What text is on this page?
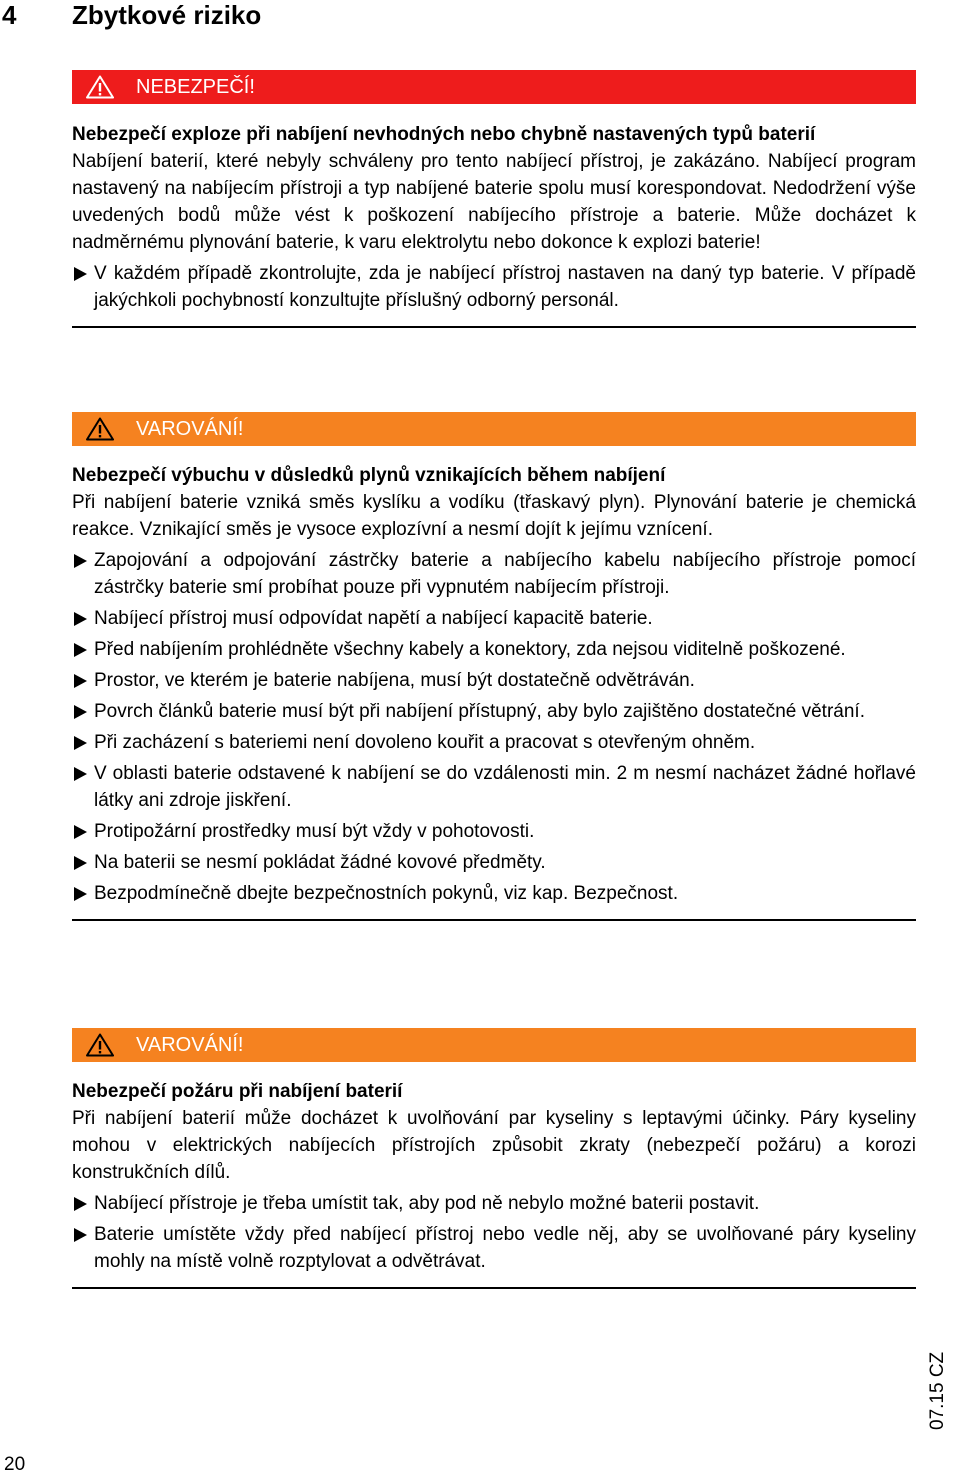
4 Zbytkové riziko
NEBEZPEČÍ!
Nebezpečí exploze při nabíjení nevhodných nebo chybně nastavených typů baterií

Nabíjení baterií, které nebyly schváleny pro tento nabíjecí přístroj, je zakázáno. Nabíjecí program nastavený na nabíjecím přístroji a typ nabíjené baterie spolu musí korespondovat. Nedodržení výše uvedených bodů může vést k poškození nabíjecího přístroje a baterie. Může docházet k nadměrnému plynování baterie, k varu elektrolytu nebo dokonce k explozi baterie!

V každém případě zkontrolujte, zda je nabíjecí přístroj nastaven na daný typ baterie. V případě jakýchkoli pochybností konzultujte příslušný odborný personál.
VAROVÁNÍ!
Nebezpečí výbuchu v důsledků plynů vznikajících během nabíjení

Při nabíjení baterie vzniká směs kyslíku a vodíku (třaskavý plyn). Plynování baterie je chemická reakce. Vznikající směs je vysoce explozívní a nesmí dojít k jejímu vznícení.

Zapojování a odpojování zástrčky baterie a nabíjecího kabelu nabíjecího přístroje pomocí zástrčky baterie smí probíhat pouze při vypnutém nabíjecím přístroji.
Nabíjecí přístroj musí odpovídat napětí a nabíjecí kapacitě baterie.
Před nabíjením prohlédněte všechny kabely a konektory, zda nejsou viditelně poškozené.
Prostor, ve kterém je baterie nabíjena, musí být dostatečně odvětráván.
Povrch článků baterie musí být při nabíjení přístupný, aby bylo zajištěno dostatečné větrání.
Při zacházení s bateriemi není dovoleno kouřit a pracovat s otevřeným ohněm.
V oblasti baterie odstavené k nabíjení se do vzdálenosti min. 2 m nesmí nacházet žádné hořlavé látky ani zdroje jiskření.
Protipožární prostředky musí být vždy v pohotovosti.
Na baterii se nesmí pokládat žádné kovové předměty.
Bezpodmínečně dbejte bezpečnostních pokynů, viz kap. Bezpečnost.
VAROVÁNÍ!
Nebezpečí požáru při nabíjení baterií

Při nabíjení baterií může docházet k uvolňování par kyseliny s leptavými účinky. Páry kyseliny mohou v elektrických nabíjecích přístrojích způsobit zkraty (nebezpečí požáru) a korozi konstrukčních dílů.

Nabíjecí přístroje je třeba umístit tak, aby pod ně nebylo možné baterii postavit.
Baterie umístěte vždy před nabíjecí přístroj nebo vedle něj, aby se uvolňované páry kyseliny mohly na místě volně rozptylovat a odvětrávat.
07.15 CZ
20
